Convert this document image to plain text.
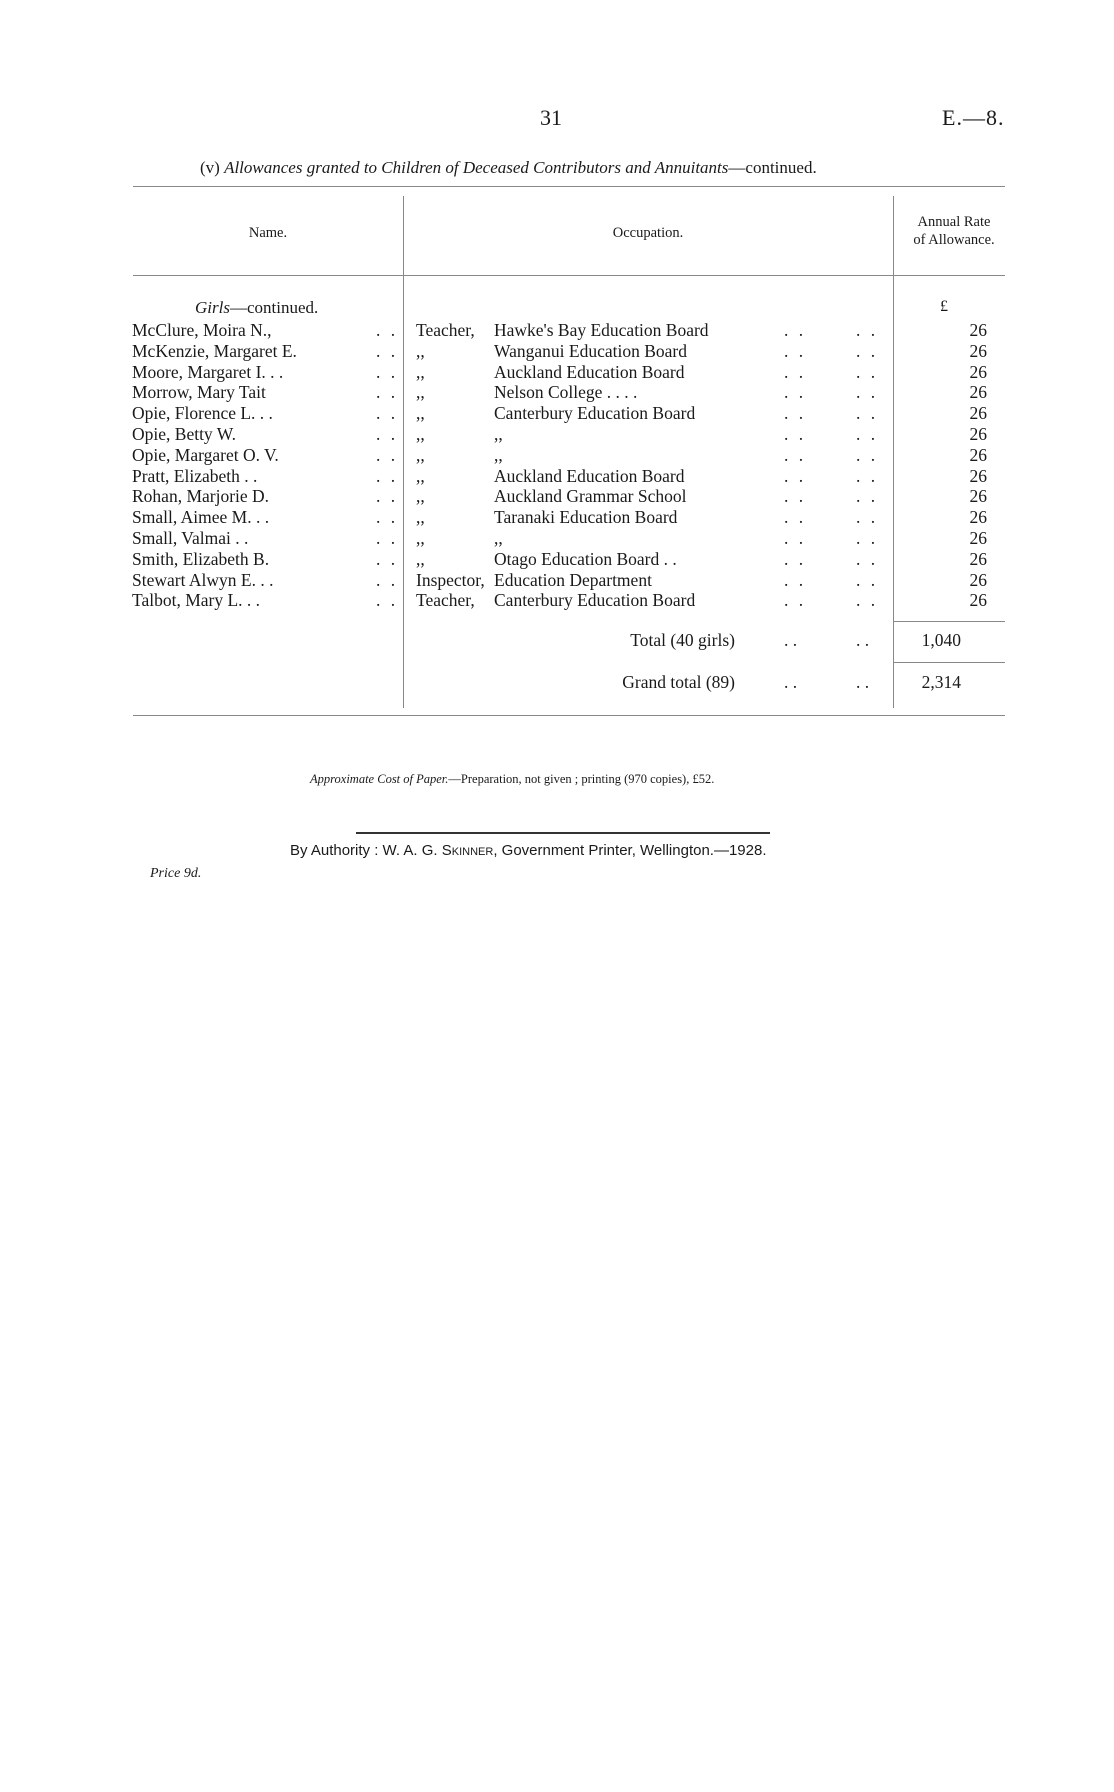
31	E.—8.
(v) Allowances granted to Children of Deceased Contributors and Annuitants—continued.
Name.	Occupation.
Annual Rate
of Allowance.
Girls—continued.	£
McClure, Moira N.,	. . Teacher, Hawke's Bay Education Board	. .	. .	26
McKenzie, Margaret E.	. . ,,	Wanganui Education Board	. .	. .	26
Moore, Margaret I. . .	. . ,,	Auckland Education Board	. .	. .	26
Morrow, Mary Tait	. . ,,	Nelson College . . . .	. .	. .	26
Opie, Florence L. . .	. . ,,	Canterbury Education Board	. .	. .	26
Opie, Betty W.	. . ,,	,,	. .	. .	26
Opie, Margaret O. V.	. . ,,	,,	. .	. .	26
Pratt, Elizabeth . .	. . ,,	Auckland Education Board	. .	. .	26
Rohan, Marjorie D.	. . ,,	Auckland Grammar School	. .	. .	26
Small, Aimee M. . .	. . ,,	Taranaki Education Board	. .	. .	26
Small, Valmai . .	. . ,,	,,	. .	. .	26
Smith, Elizabeth B.	. . ,,	Otago Education Board . .	. .	. .	26
Stewart Alwyn E. . .	. . Inspector, Education Department	. .	. .	26
Talbot, Mary L. . .	. . Teacher, Canterbury Education Board	. .	. .	26
Total (40 girls)	. .	. .	1,040
Grand total (89)	. .	. .	2,314
Approximate Cost of Paper.—Preparation, not given ; printing (970 copies), £52.
By Authority : W. A. G. Skinner, Government Printer, Wellington.—1928.
Price 9d.
